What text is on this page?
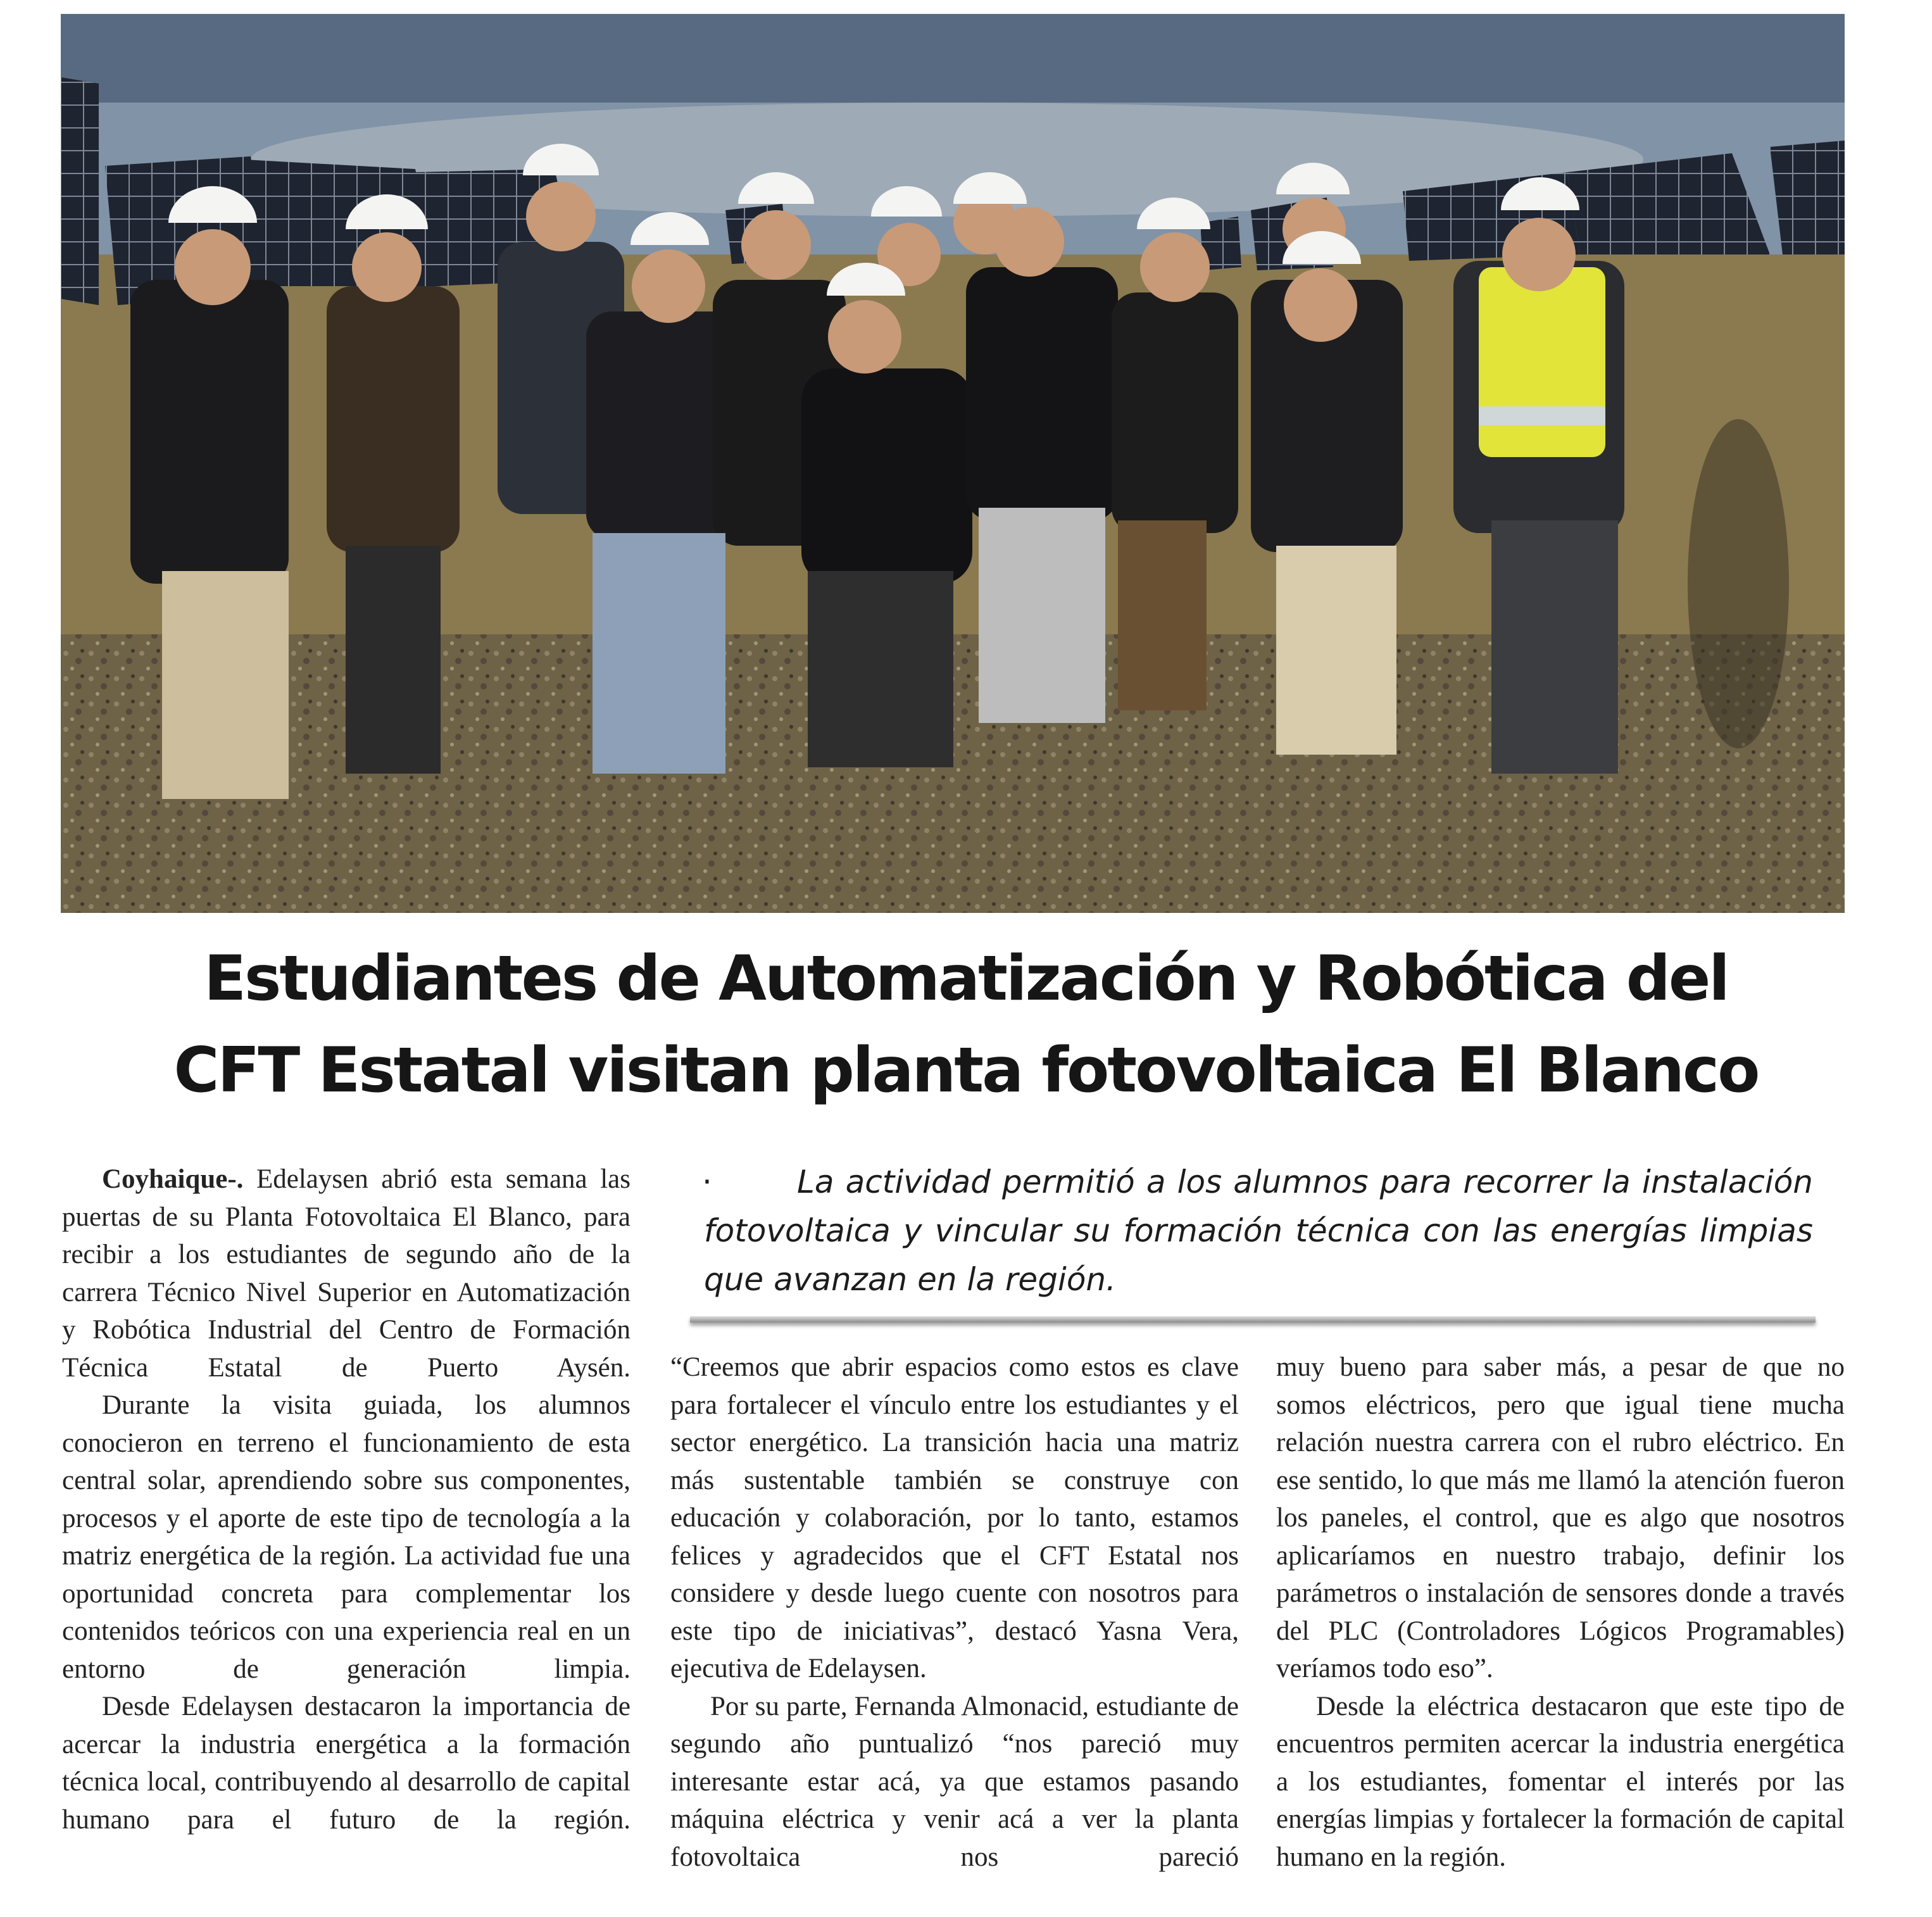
Estudiantes de Automatización y Robótica del
CFT Estatal visitan planta fotovoltaica El Blanco

Coyhaique-. Edelaysen abrió esta semana las puertas de su Planta Fotovoltaica El Blanco, para recibir a los estudiantes de segundo año de la carrera Técnico Nivel Superior en Automatización y Robótica Industrial del Centro de Formación Técnica Estatal de Puerto Aysén.

Durante la visita guiada, los alumnos conocieron en terreno el funcionamiento de esta central solar, aprendiendo sobre sus componentes, procesos y el aporte de este tipo de tecnología a la matriz energética de la región. La actividad fue una oportunidad concreta para complementar los contenidos teóricos con una experiencia real en un entorno de generación limpia.

Desde Edelaysen destacaron la importancia de acercar la industria energética a la formación técnica local, contribuyendo al desarrollo de capital humano para el futuro de la región.

·	La actividad permitió a los alumnos para recorrer la instalación fotovoltaica y vincular su formación técnica con las energías limpias que avanzan en la región.

“Creemos que abrir espacios como estos es clave para fortalecer el vínculo entre los estudiantes y el sector energético. La transición hacia una matriz más sustentable también se construye con educación y colaboración, por lo tanto, estamos felices y agradecidos que el CFT Estatal nos considere y desde luego cuente con nosotros para este tipo de iniciativas”, destacó Yasna Vera, ejecutiva de Edelaysen.

Por su parte, Fernanda Almonacid, estudiante de segundo año puntualizó “nos pareció muy interesante estar acá, ya que estamos pasando máquina eléctrica y venir acá a ver la planta fotovoltaica nos pareció

muy bueno para saber más, a pesar de que no somos eléctricos, pero que igual tiene mucha relación nuestra carrera con el rubro eléctrico. En ese sentido, lo que más me llamó la atención fueron los paneles, el control, que es algo que nosotros aplicaríamos en nuestro trabajo, definir los parámetros o instalación de sensores donde a través del PLC (Controladores Lógicos Programables) veríamos todo eso”.

Desde la eléctrica destacaron que este tipo de encuentros permiten acercar la industria energética a los estudiantes, fomentar el interés por las energías limpias y fortalecer la formación de capital humano en la región.
